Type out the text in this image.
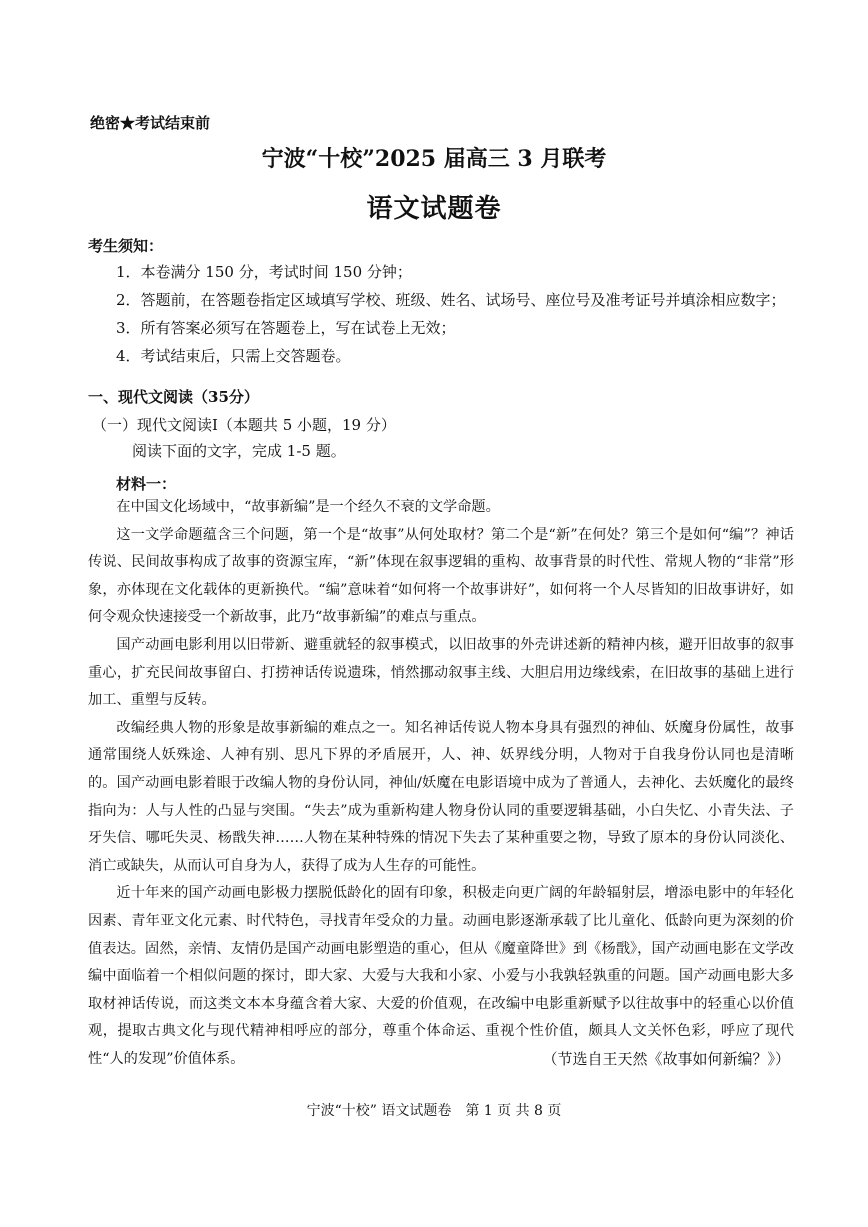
绝密★考试结束前
宁波“十校”2025 届高三 3 月联考
语文试题卷
考生须知：
1．本卷满分 150 分，考试时间 150 分钟；
2．答题前，在答题卷指定区域填写学校、班级、姓名、试场号、座位号及准考证号并填涂相应数字；
3．所有答案必须写在答题卷上，写在试卷上无效；
4．考试结束后，只需上交答题卷。
一、现代文阅读（35分）
（一）现代文阅读Ⅰ（本题共 5 小题，19 分）
阅读下面的文字，完成 1-5 题。
材料一：

在中国文化场域中，“故事新编”是一个经久不衰的文学命题。

这一文学命题蕴含三个问题，第一个是“故事”从何处取材？第二个是“新”在何处？第三个是如何“编”？神话传说、民间故事构成了故事的资源宝库，“新”体现在叙事逻辑的重构、故事背景的时代性、常规人物的“非常”形象，亦体现在文化载体的更新换代。“编”意味着“如何将一个故事讲好”，如何将一个人尽皆知的旧故事讲好，如何令观众快速接受一个新故事，此乃“故事新编”的难点与重点。

国产动画电影利用以旧带新、避重就轻的叙事模式，以旧故事的外壳讲述新的精神内核，避开旧故事的叙事重心，扩充民间故事留白、打捞神话传说遗珠，悄然挪动叙事主线、大胆启用边缘线索，在旧故事的基础上进行加工、重塑与反转。

改编经典人物的形象是故事新编的难点之一。知名神话传说人物本身具有强烈的神仙、妖魔身份属性，故事通常围绕人妖殊途、人神有别、思凡下界的矛盾展开，人、神、妖界线分明，人物对于自我身份认同也是清晰的。国产动画电影着眼于改编人物的身份认同，神仙/妖魔在电影语境中成为了普通人，去神化、去妖魔化的最终指向为：人与人性的凸显与突围。“失去”成为重新构建人物身份认同的重要逻辑基础，小白失忆、小青失法、子牙失信、哪吒失灵、杨戬失神……人物在某种特殊的情况下失去了某种重要之物，导致了原本的身份认同淡化、消亡或缺失，从而认可自身为人，获得了成为人生存的可能性。

近十年来的国产动画电影极力摆脱低龄化的固有印象，积极走向更广阔的年龄辐射层，增添电影中的年轻化因素、青年亚文化元素、时代特色，寻找青年受众的力量。动画电影逐渐承载了比儿童化、低龄向更为深刻的价值表达。固然，亲情、友情仍是国产动画电影塑造的重心，但从《魔童降世》到《杨戬》，国产动画电影在文学改编中面临着一个相似问题的探讨，即大家、大爱与大我和小家、小爱与小我孰轻孰重的问题。国产动画电影大多取材神话传说，而这类文本本身蕴含着大家、大爱的价值观，在改编中电影重新赋予以往故事中的轻重心以价值观，提取古典文化与现代精神相呼应的部分，尊重个体命运、重视个性价值，颇具人文关怀色彩，呼应了现代性“人的发现”价值体系。	（节选自王天然《故事如何新编？》）
宁波“十校” 语文试题卷　第 1 页 共 8 页
